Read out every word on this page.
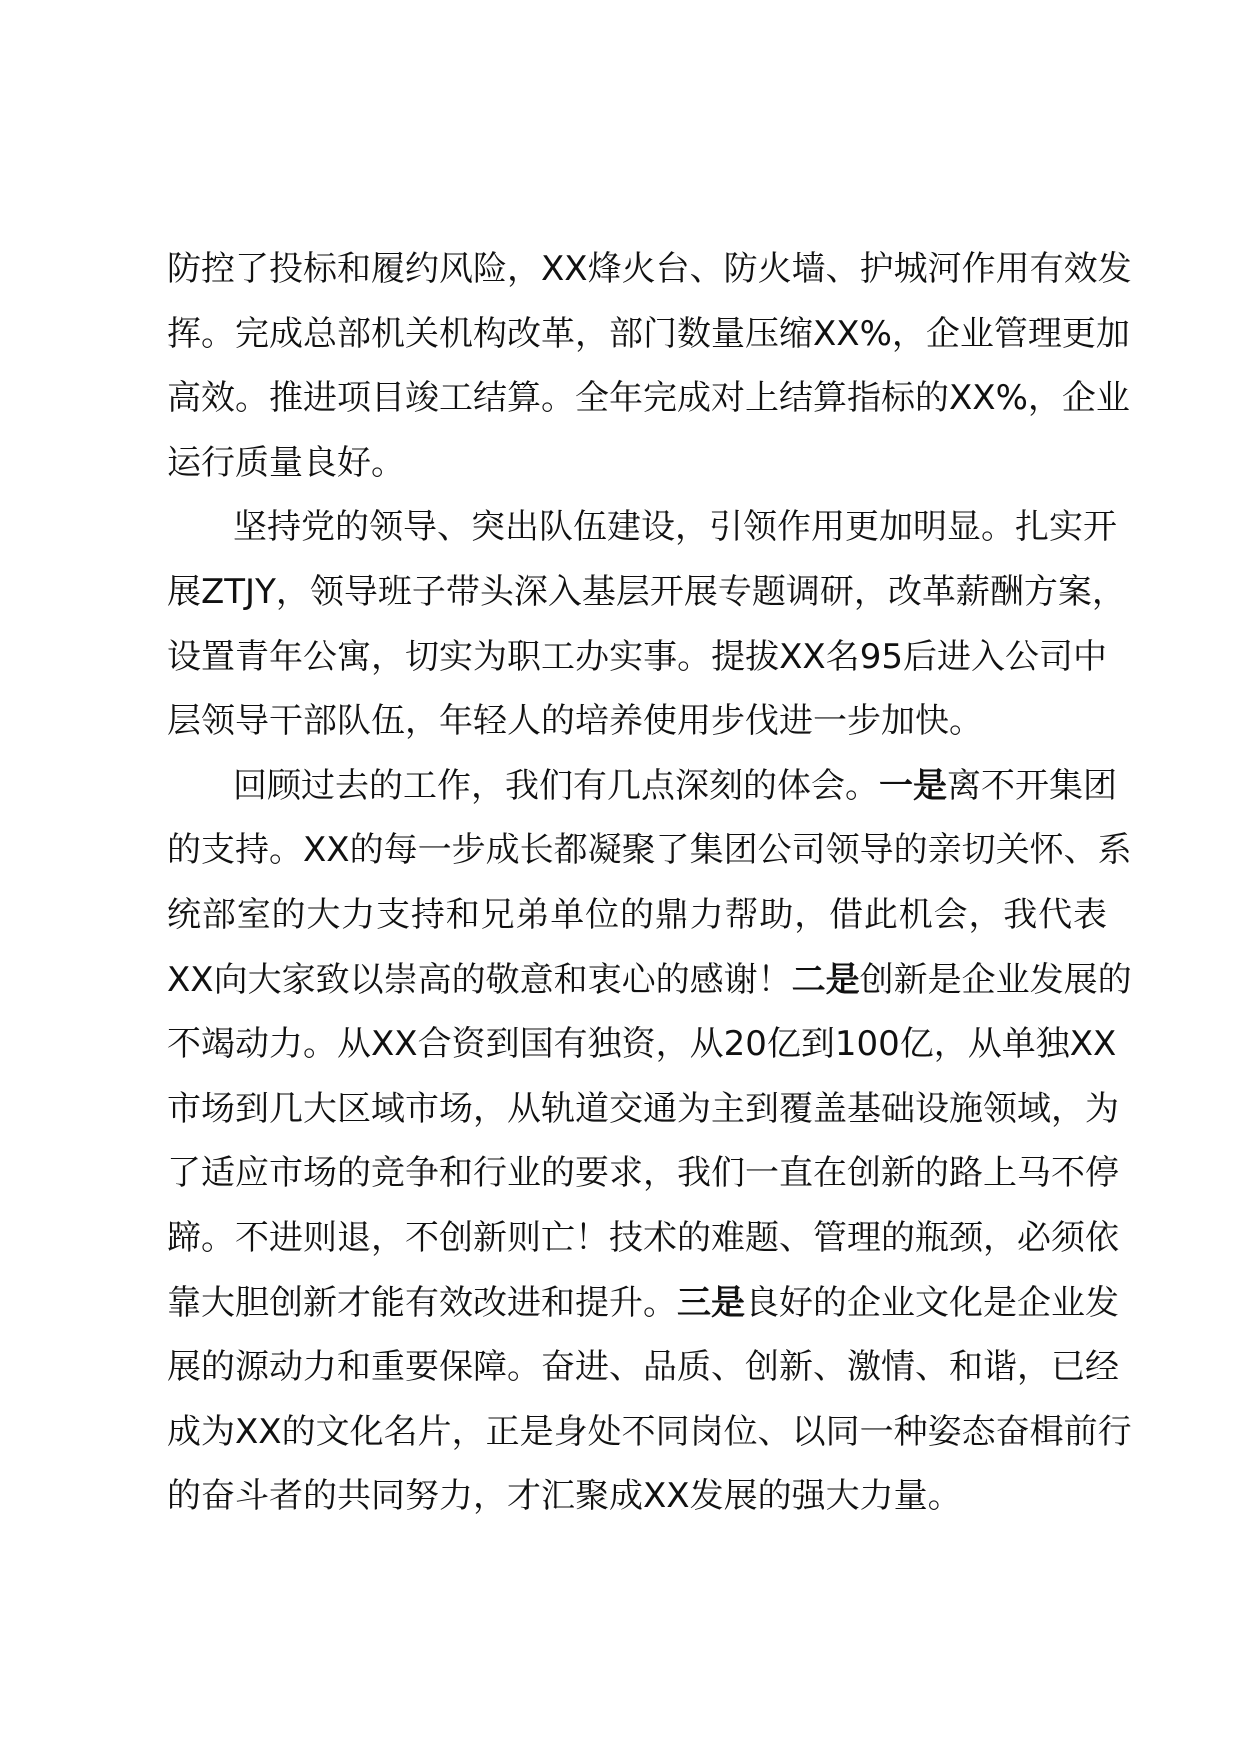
防控了投标和履约风险，XX烽火台、防火墙、护城河作用有效发
挥。完成总部机关机构改革，部门数量压缩XX%，企业管理更加
高效。推进项目竣工结算。全年完成对上结算指标的XX%，企业
运行质量良好。
坚持党的领导、突出队伍建设，引领作用更加明显。扎实开
展ZTJY，领导班子带头深入基层开展专题调研，改革薪酬方案，
设置青年公寓，切实为职工办实事。提拔XX名95后进入公司中
层领导干部队伍，年轻人的培养使用步伐进一步加快。
回顾过去的工作，我们有几点深刻的体会。一是离不开集团
的支持。XX的每一步成长都凝聚了集团公司领导的亲切关怀、系
统部室的大力支持和兄弟单位的鼎力帮助，借此机会，我代表
XX向大家致以崇高的敬意和衷心的感谢！二是创新是企业发展的
不竭动力。从XX合资到国有独资，从20亿到100亿，从单独XX
市场到几大区域市场，从轨道交通为主到覆盖基础设施领域，为
了适应市场的竞争和行业的要求，我们一直在创新的路上马不停
蹄。不进则退，不创新则亡！技术的难题、管理的瓶颈，必须依
靠大胆创新才能有效改进和提升。三是良好的企业文化是企业发
展的源动力和重要保障。奋进、品质、创新、激情、和谐，已经
成为XX的文化名片，正是身处不同岗位、以同一种姿态奋楫前行
的奋斗者的共同努力，才汇聚成XX发展的强大力量。
